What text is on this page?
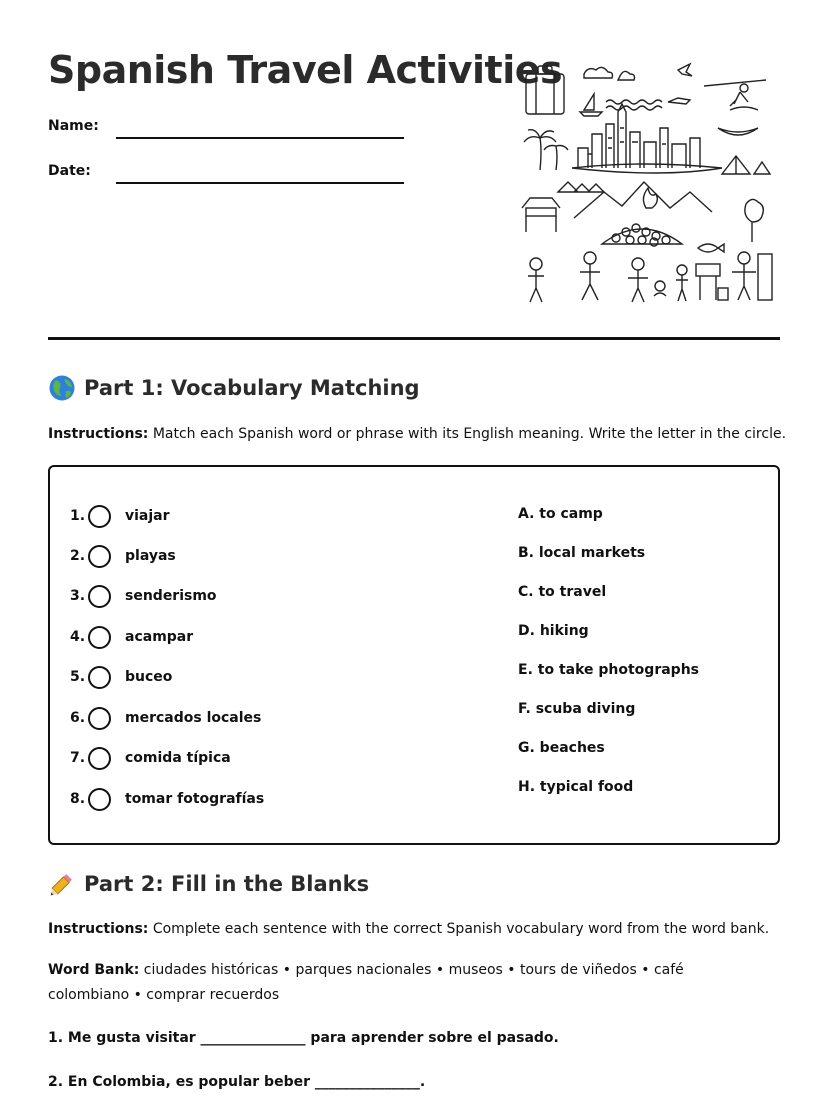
Spanish Travel Activities
Name:
Date:
Part 1: Vocabulary Matching
Instructions: Match each Spanish word or phrase with its English meaning. Write the letter in the circle.
1.	viajar
2.	playas
3.	senderismo
4.	acampar
5.	buceo
6.	mercados locales
7.	comida típica
8.	tomar fotografías
A. to camp
B. local markets
C. to travel
D. hiking
E. to take photographs
F. scuba diving
G. beaches
H. typical food
Part 2: Fill in the Blanks
Instructions: Complete each sentence with the correct Spanish vocabulary word from the word bank.
Word Bank: ciudades históricas • parques nacionales • museos • tours de viñedos • café colombiano • comprar recuerdos
1. Me gusta visitar _______________ para aprender sobre el pasado.
2. En Colombia, es popular beber _______________.
